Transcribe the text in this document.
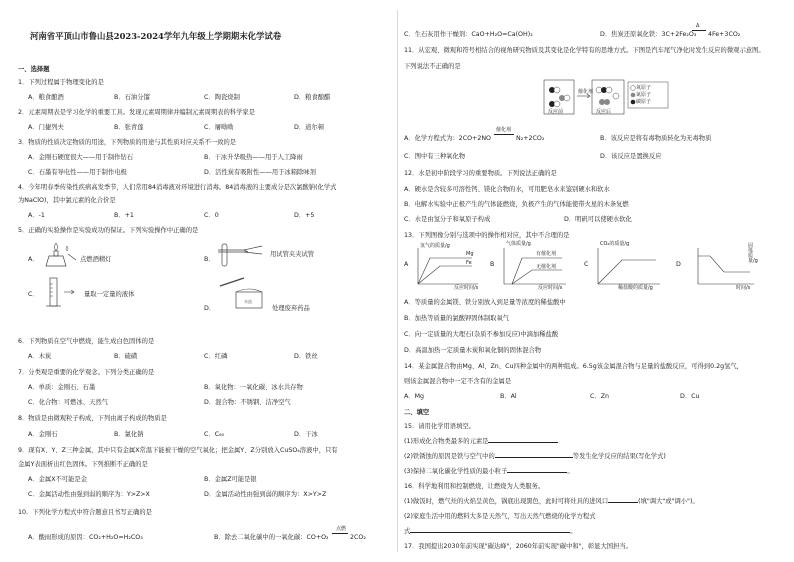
河南省平顶山市鲁山县2023-2024学年九年级上学期期末化学试卷
一、选择题
1．下列过程属于物理变化的是
A．粮食酿酒	B．石油分馏	C．陶瓷烧制	D．粮食酿醋
2．元素周期表是学习化学的重要工具。发现元素周期律并编制元素周期表的科学家是
A．门捷列夫	B．张青莲	C．屠呦呦	D．道尔顿
3．物质的性质决定物质的用途，下列物质的用途与其性质对应关系不一致的是
A．金刚石硬度很大——用于制作钻石	B．干冰升华吸热——用于人工降雨
C．石墨有导电性——用于制作电极	D．活性炭有吸附性——用于冰箱除味剂
4．今年明春季传染性疾病高发季节，人们常用84消毒液对环境进行消毒。84消毒液的主要成分是次氯酸钠(化学式
为NaClO)，其中氯元素的化合价是
A．-1	B．+1	C．0	D．+5
5．正确的实验操作是实验成功的保证。下列实验操作中正确的是
A．	点燃酒精灯	B．
用试管夹夹试管
C．	量取一定量的液体
D．
水池
处理废弃药品
6．下列物质在空气中燃烧，能生成白色固体的是
A．木炭	B．硫磺	C．红磷	D．铁丝
7．分类观是重要的化学观念。下列分类正确的是
A．单质：金刚石、石墨	B．氧化物：一氧化碳、冰水共存物
C．化合物：可燃冰、天然气	D．混合物：不锈钢、洁净空气
8．物质是由微观粒子构成，下列由离子构成的物质是
A．金刚石	B．氯化钠	C．C₆₀	D．干冰
9．现有X、Y、Z三种金属，其中只有金属X常温下能被干燥的空气氧化；把金属Y、Z分别放入CuSO₄溶液中，只有
金属Y表面析出红色固体。下列推断不正确的是
A．金属X不可能是金	B．金属Z可能是银
C．金属活动性由强到弱的顺序为：Y>Z>X	D．金属活动性由强到弱的顺序为：X>Y>Z
10．下列化学方程式中符合题意且书写正确的是
A．酸雨形成的原因：CO₂+H₂O=H₂CO₃	B．除去二氧化碳中的一氧化碳：CO+O₂
点燃
2CO₂
C．生石灰用作干燥剂：CaO+H₂O=Ca(OH)₂	D．焦炭还原氧化铁：3C+2Fe₂O₃
Δ
4Fe+3CO₂
11．从宏观、微观和符号相结合的视角研究物质及其变化是化学特有的思维方式。下图是汽车尾气净化时发生反应的微观示意图。
下列说法不正确的是
反应前	反应后
催化剂
氧原子
氮原子
碳原子
A．化学方程式为：2CO+2NO
催化剂
N₂+2CO₂	B．该反应是将有毒物质转化为无毒物质
C．图中有三种氧化物	D．该反应是置换反应
12．水是初中阶段学习的重要物质。下列说法正确的是
A．硬水是含较多可溶性钙、镁化合物的水，可用肥皂水来鉴别硬水和软水
B．电解水实验中正极产生的气体能燃烧，负极产生的气体能使带火星的木条复燃
C．水是由氢分子和氧原子构成	D．明矾可以使硬水软化
13．下列图像分别与选项中的操作相对应，其中不合理的是
A
氢气的质量/g
Mg
Fe
反应时间/s
B
气体质量/g
有催化剂
无催化剂
反应时间/s
C
CO₂的质量/g
稀盐酸的质量/g
D
固体质量/g
时间/s
A．等质量的金属镁、铁分别放入到足量等浓度的稀盐酸中
B．加热等质量的氯酸钾固体制取氧气
C．向一定质量的大理石(杂质不参加反应)中滴加稀盐酸
D．高温加热一定质量木炭和氧化铜的固体混合物
14．某金属混合物由Mg、Al、Zn、Cu四种金属中的两种组成。6.5g该金属混合物与足量的盐酸反应，可得到0.2g氢气，
则该金属混合物中一定不含有的金属是
A．Mg	B．Al	C．Zn	D．Cu
二、填空
15．请用化学用语填空。
(1)形成化合物类最多的元素是
(2)铁锈蚀的原因是铁与空气中的	等发生化学反应的结果(写化学式)
(3)保持二氧化碳化学性质的最小粒子	。
16．科学地利用和控制燃烧，让燃烧为人类服务。
(1)做饭时，燃气灶的火焰呈黄色，锅底出现黑色，此时可将灶具的进风口	(填"调大"或"调小")。
(2)家庭生活中用的燃料大多是天然气，写出天然气燃烧的化学方程式
式	。
17．我国提出2030年前实现"碳达峰"，2060年前实现"碳中和"，彰显大国担当。
